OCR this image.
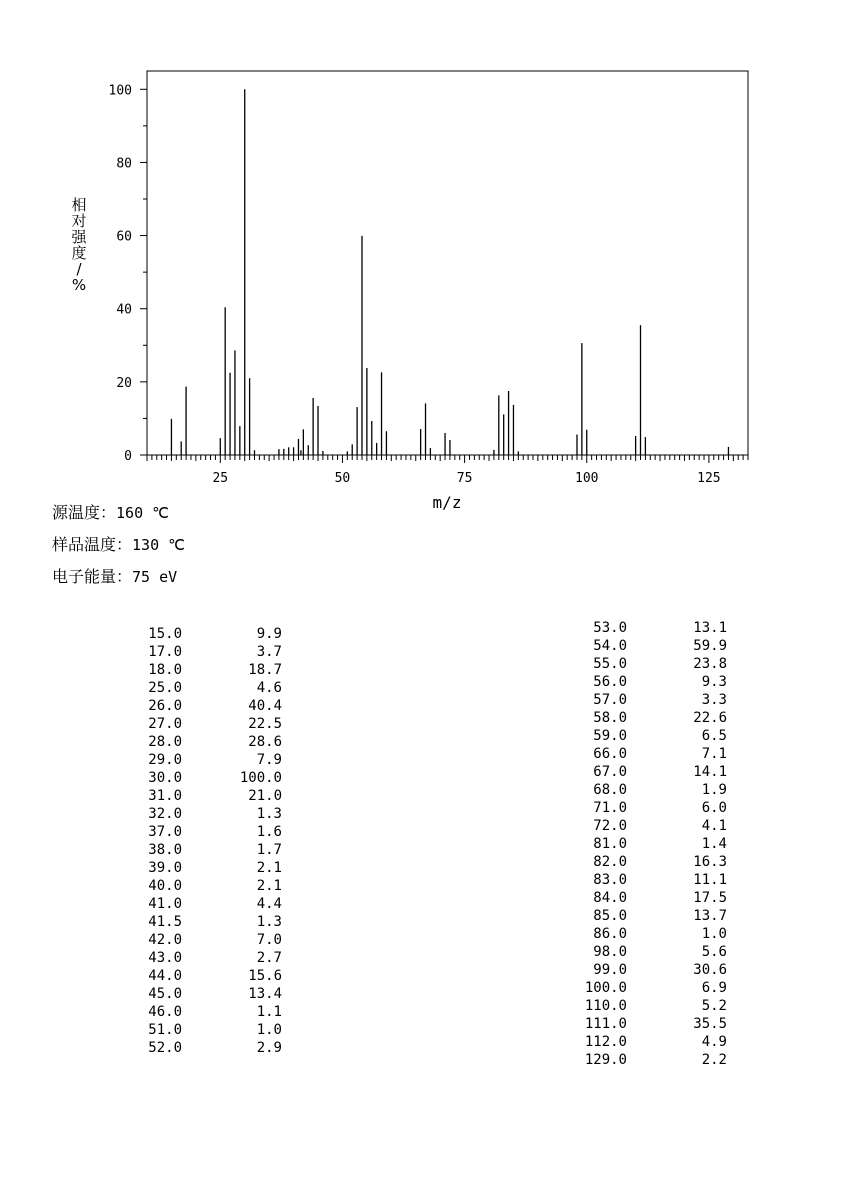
0
20
40
60
80
100
25	50	75	100	125
m/z
相对强度/ %
源温度：160 ℃
样品温度：130 ℃
电子能量：75 eV
15.0	9.9
17.0	3.7
18.0	18.7
25.0	4.6
26.0	40.4
27.0	22.5
28.0	28.6
29.0	7.9
30.0	100.0
31.0	21.0
32.0	1.3
37.0	1.6
38.0	1.7
39.0	2.1
40.0	2.1
41.0	4.4
41.5	1.3
42.0	7.0
43.0	2.7
44.0	15.6
45.0	13.4
46.0	1.1
51.0	1.0
52.0	2.9
53.0	13.1
54.0	59.9
55.0	23.8
56.0	9.3
57.0	3.3
58.0	22.6
59.0	6.5
66.0	7.1
67.0	14.1
68.0	1.9
71.0	6.0
72.0	4.1
81.0	1.4
82.0	16.3
83.0	11.1
84.0	17.5
85.0	13.7
86.0	1.0
98.0	5.6
99.0	30.6
100.0	6.9
110.0	5.2
111.0	35.5
112.0	4.9
129.0	2.2
